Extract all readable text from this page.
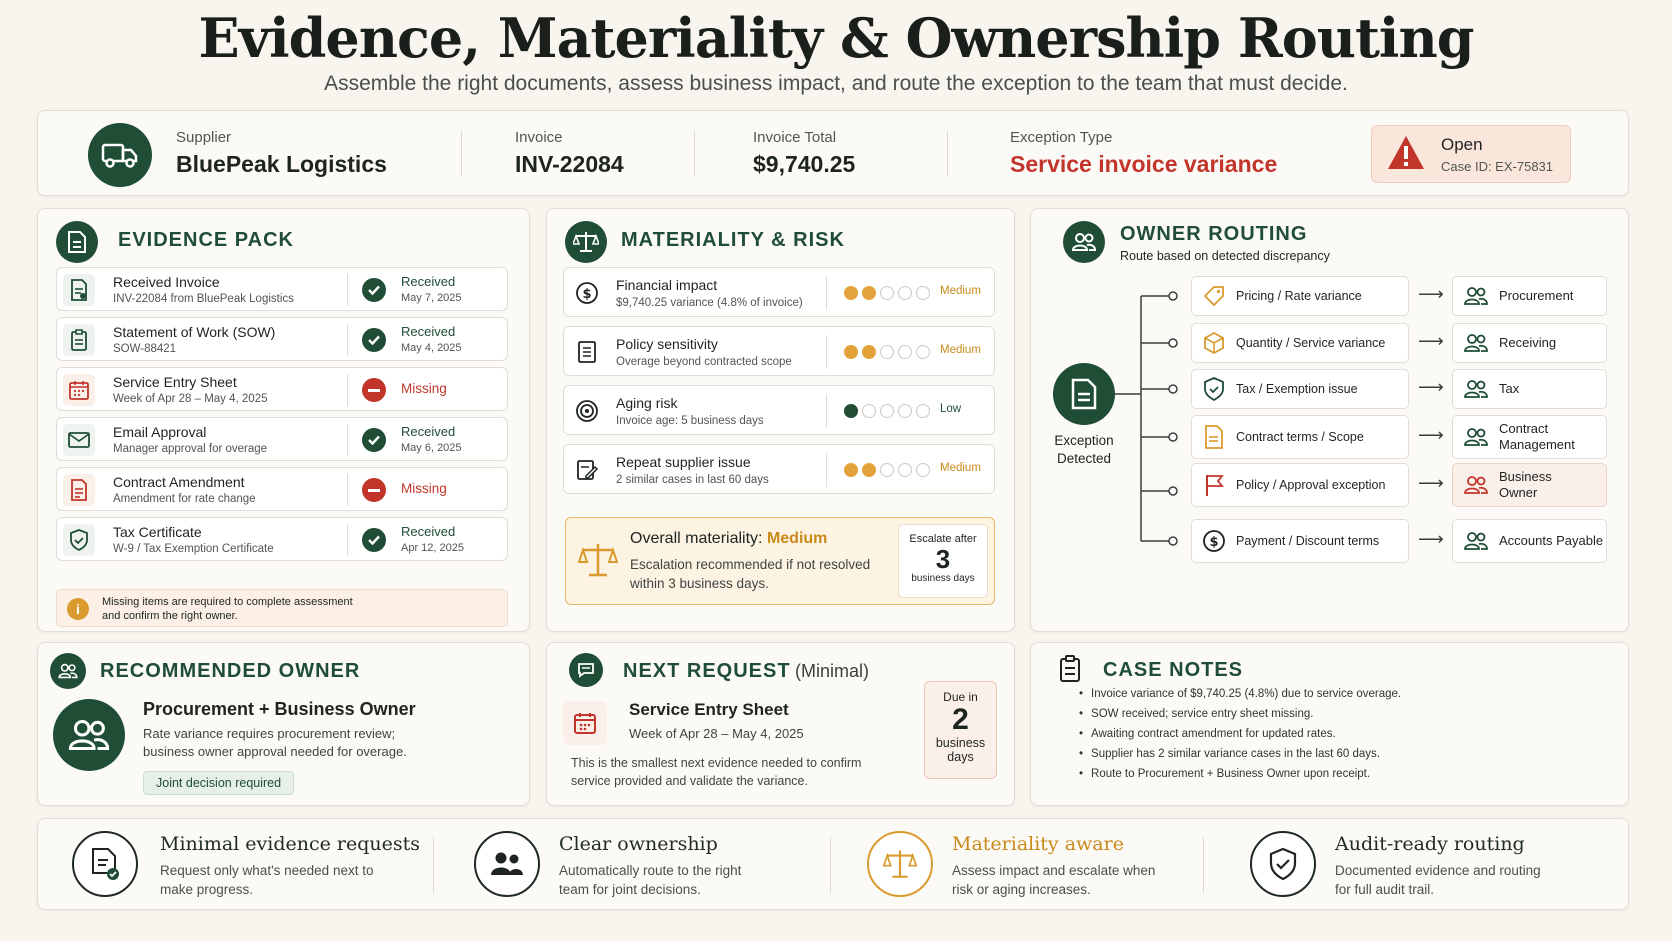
Evidence, Materiality & Ownership Routing
Assemble the right documents, assess business impact, and route the exception to the team that must decide.
Supplier
BluePeak Logistics
Invoice
INV-22084
Invoice Total
$9,740.25
Exception Type
Service invoice variance
Open
Case ID: EX-75831
EVIDENCE PACK
Received Invoice
INV-22084 from BluePeak Logistics
Received
May 7, 2025
Statement of Work (SOW)
SOW-88421
Received
May 4, 2025
Service Entry Sheet
Week of Apr 28 – May 4, 2025
Missing
Email Approval
Manager approval for overage
Received
May 6, 2025
Contract Amendment
Amendment for rate change
Missing
Tax Certificate
W-9 / Tax Exemption Certificate
Received
Apr 12, 2025
i	Missing items are required to complete assessment
and confirm the right owner.
MATERIALITY & RISK
$
Financial impact
$9,740.25 variance (4.8% of invoice)
Medium
Policy sensitivity
Overage beyond contracted scope
Medium
Aging risk
Invoice age: 5 business days
Low
Repeat supplier issue
2 similar cases in last 60 days
Medium
Overall materiality: Medium
Escalation recommended if not resolved
within 3 business days.
Escalate after
3
business days
OWNER ROUTING
Route based on detected discrepancy
Exception
Detected
Pricing / Rate variance	⟶	Procurement
Quantity / Service variance ⟶	Receiving
Tax / Exemption issue	⟶	Tax
Contract terms / Scope	⟶	Contract
Management
Policy / Approval exception ⟶	Business
Owner
$ Payment / Discount terms ⟶	Accounts Payable
RECOMMENDED OWNER
Procurement + Business Owner
Rate variance requires procurement review;
business owner approval needed for overage.
Joint decision required
NEXT REQUEST (Minimal)
Service Entry Sheet
Week of Apr 28 – May 4, 2025
This is the smallest next evidence needed to confirm
service provided and validate the variance.
Due in
2
business
days
CASE NOTES
• Invoice variance of $9,740.25 (4.8%) due to service overage.
• SOW received; service entry sheet missing.
• Awaiting contract amendment for updated rates.
• Supplier has 2 similar variance cases in the last 60 days.
• Route to Procurement + Business Owner upon receipt.
Minimal evidence requests
Request only what's needed next to
make progress.
Clear ownership
Automatically route to the right
team for joint decisions.
Materiality aware
Assess impact and escalate when
risk or aging increases.
Audit-ready routing
Documented evidence and routing
for full audit trail.
